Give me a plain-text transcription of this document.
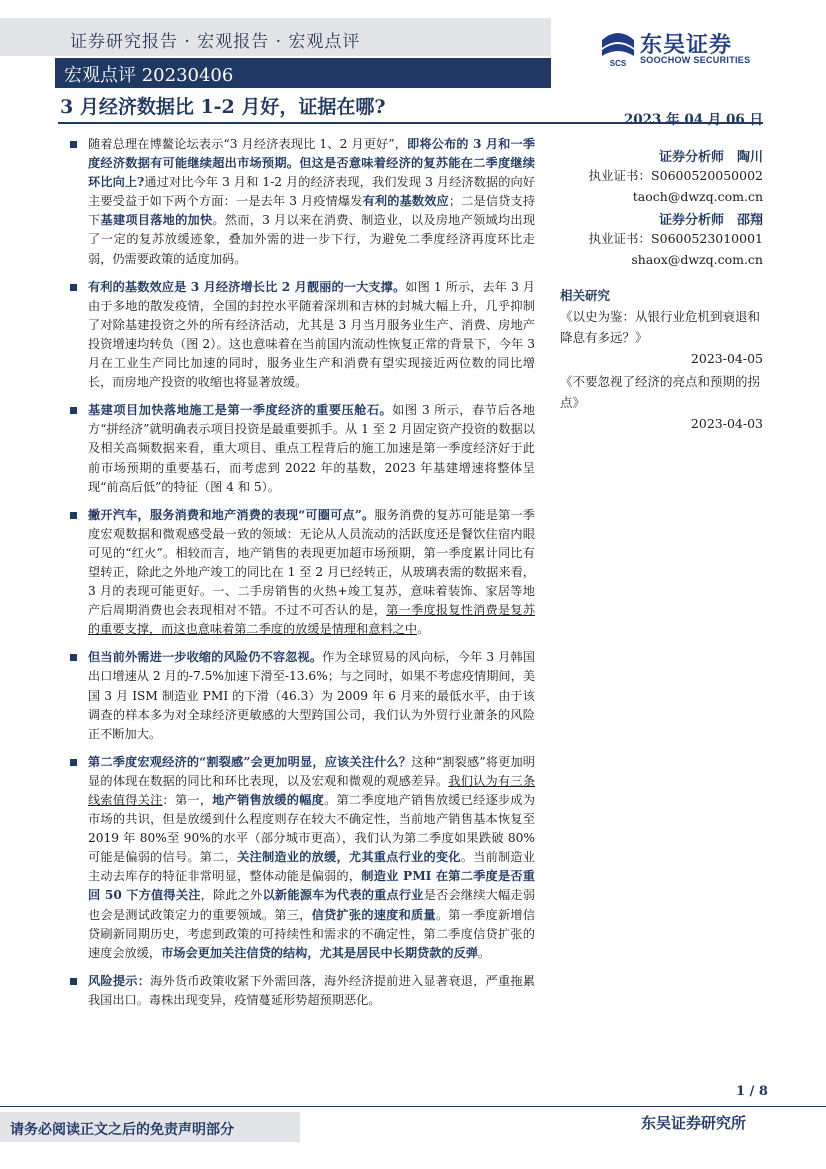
证券研究报告 · 宏观报告 · 宏观点评
宏观点评 20230406
SCS
东吴证券
SOOCHOW SECURITIES
3 月经济数据比 1-2 月好，证据在哪?
随着总理在博鳌论坛表示“3 月经济表现比 1、2 月更好”，即将公布的 3 月和一季度经济数据有可能继续超出市场预期。但这是否意味着经济的复苏能在二季度继续环比向上?通过对比今年 3 月和 1-2 月的经济表现，我们发现 3 月经济数据的向好主要受益于如下两个方面：一是去年 3 月疫情爆发有利的基数效应；二是信贷支持下基建项目落地的加快。然而，3 月以来在消费、制造业，以及房地产领域均出现了一定的复苏放缓迹象，叠加外需的进一步下行，为避免二季度经济再度环比走弱，仍需要政策的适度加码。
有利的基数效应是 3 月经济增长比 2 月靓丽的一大支撑。如图 1 所示，去年 3 月由于多地的散发疫情，全国的封控水平随着深圳和吉林的封城大幅上升，几乎抑制了对除基建投资之外的所有经济活动，尤其是 3 月当月服务业生产、消费、房地产投资增速均转负（图 2）。这也意味着在当前国内流动性恢复正常的背景下，今年 3 月在工业生产同比加速的同时，服务业生产和消费有望实现接近两位数的同比增长，而房地产投资的收缩也将显著放缓。
基建项目加快落地施工是第一季度经济的重要压舱石。如图 3 所示，春节后各地方“拼经济”就明确表示项目投资是最重要抓手。从 1 至 2 月固定资产投资的数据以及相关高频数据来看，重大项目、重点工程背后的施工加速是第一季度经济好于此前市场预期的重要基石，而考虑到 2022 年的基数，2023 年基建增速将整体呈现“前高后低”的特征（图 4 和 5）。
撇开汽车，服务消费和地产消费的表现“可圈可点”。服务消费的复苏可能是第一季度宏观数据和微观感受最一致的领域：无论从人员流动的活跃度还是餐饮住宿内眼可见的“红火”。相较而言，地产销售的表现更加超市场预期，第一季度累计同比有望转正，除此之外地产竣工的同比在 1 至 2 月已经转正，从玻璃表需的数据来看，3 月的表现可能更好。一、二手房销售的火热+竣工复苏，意味着装饰、家居等地产后周期消费也会表现相对不错。不过不可否认的是，第一季度报复性消费是复苏的重要支撑，而这也意味着第二季度的放缓是情理和意料之中。
但当前外需进一步收缩的风险仍不容忽视。作为全球贸易的风向标，今年 3 月韩国出口增速从 2 月的-7.5%加速下滑至-13.6%；与之同时，如果不考虑疫情期间，美国 3 月 ISM 制造业 PMI 的下滑（46.3）为 2009 年 6 月来的最低水平，由于该调查的样本多为对全球经济更敏感的大型跨国公司，我们认为外贸行业萧条的风险正不断加大。
第二季度宏观经济的“割裂感”会更加明显，应该关注什么？这种“割裂感”将更加明显的体现在数据的同比和环比表现，以及宏观和微观的观感差异。我们认为有三条线索值得关注：第一，地产销售放缓的幅度。第二季度地产销售放缓已经逐步成为市场的共识，但是放缓到什么程度则存在较大不确定性，当前地产销售基本恢复至 2019 年 80%至 90%的水平（部分城市更高），我们认为第二季度如果跌破 80%可能是偏弱的信号。第二，关注制造业的放缓，尤其重点行业的变化。当前制造业主动去库存的特征非常明显，整体动能是偏弱的，制造业 PMI 在第二季度是否重回 50 下方值得关注，除此之外以新能源车为代表的重点行业是否会继续大幅走弱也会是测试政策定力的重要领域。第三，信贷扩张的速度和质量。第一季度新增信贷刷新同期历史，考虑到政策的可持续性和需求的不确定性，第二季度信贷扩张的速度会放缓，市场会更加关注信贷的结构，尤其是居民中长期贷款的反弹。
风险提示：海外货币政策收紧下外需回落，海外经济提前进入显著衰退，严重拖累我国出口。毒株出现变异，疫情蔓延形势超预期恶化。
2023 年 04 月 06 日
证券分析师　陶川
执业证书：S0600520050002
taoch@dwzq.com.cn
证券分析师　邵翔
执业证书：S0600523010001
shaox@dwzq.com.cn
相关研究
《以史为鉴：从银行业危机到衰退和降息有多远？》
2023-04-05
《不要忽视了经济的亮点和预期的拐点》
2023-04-03
1 / 8
请务必阅读正文之后的免责声明部分	东吴证券研究所
